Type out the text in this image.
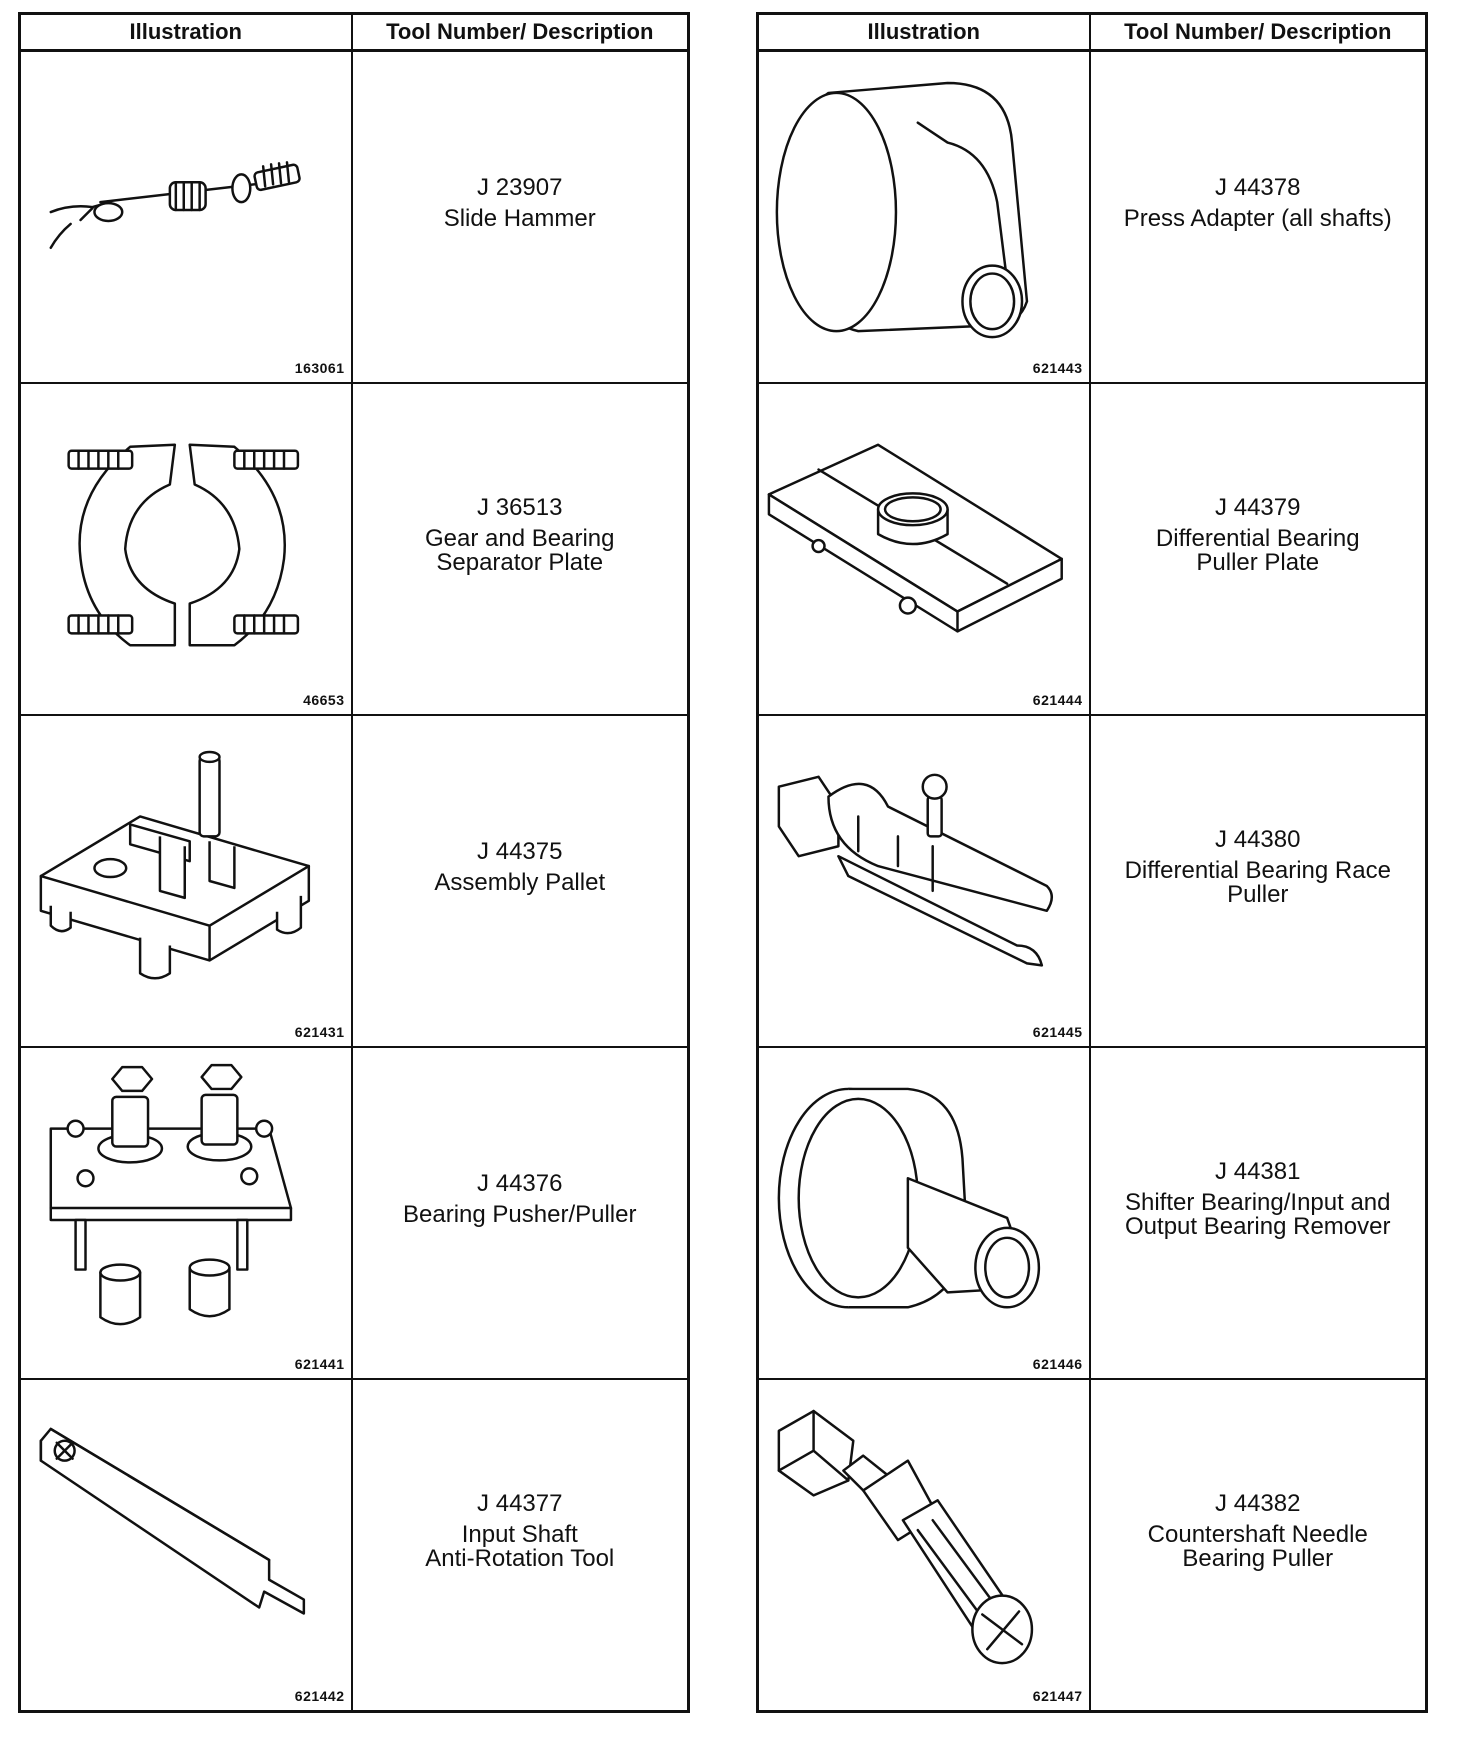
Illustration	Tool Number/ Description

163061	J 23907
Slide Hammer

46653	J 36513
Gear and Bearing
Separator Plate

621431	J 44375
Assembly Pallet

621441	J 44376
Bearing Pusher/Puller

621442	J 44377
Input Shaft
Anti-Rotation Tool
Illustration	Tool Number/ Description

621443	J 44378
Press Adapter (all shafts)

621444	J 44379
Differential Bearing
Puller Plate

621445	J 44380
Differential Bearing Race
Puller

621446	J 44381
Shifter Bearing/Input and
Output Bearing Remover

621447	J 44382
Countershaft Needle
Bearing Puller
